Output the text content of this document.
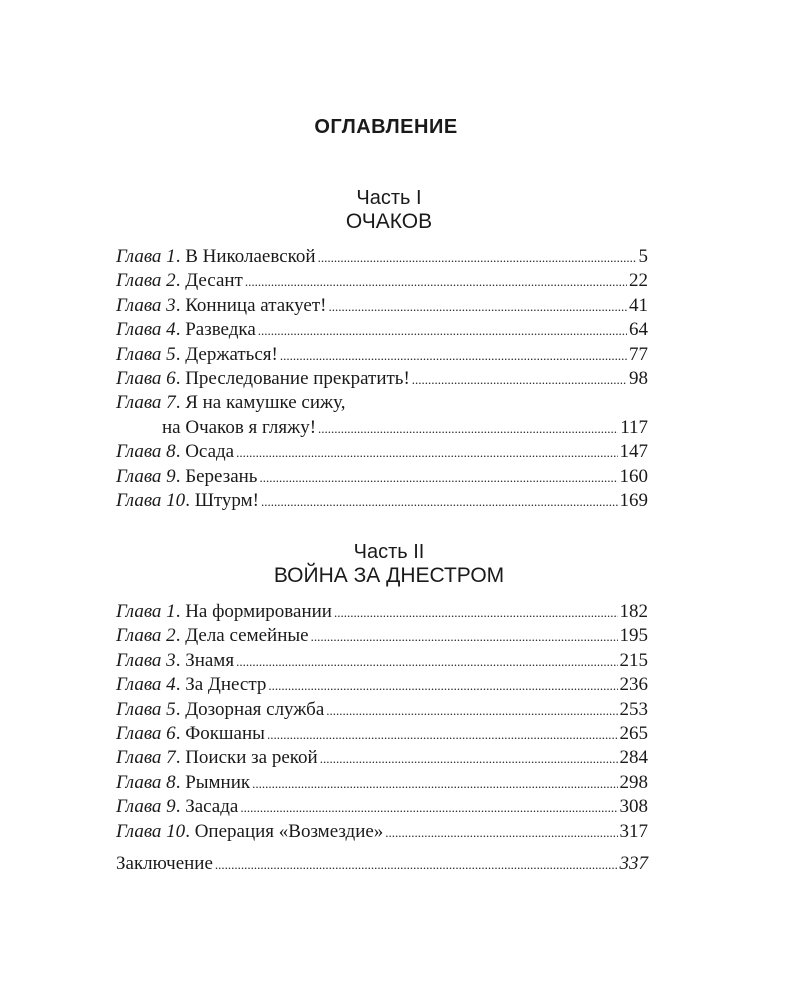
ОГЛАВЛЕНИЕ
Часть I
ОЧАКОВ
Глава 1 . В Николаевской .....	5
Глава 2 . Десант .....	22
Глава 3 . Конница атакует! .....	41
Глава 4 . Разведка .....	64
Глава 5 . Держаться! .....	77
Глава 6 . Преследование прекратить! .....	98
Глава 7. Я на камушке сижу,
на Очаков я гляжу! .....	117
Глава 8 . Осада .....	147
Глава 9 . Березань .....	160
Глава 10 . Штурм! .....	169
Часть II
ВОЙНА ЗА ДНЕСТРОМ
Глава 1 . На формировании .....	182
Глава 2 . Дела семейные .....	195
Глава 3 . Знамя .....	215
Глава 4 . За Днестр .....	236
Глава 5 . Дозорная служба .....	253
Глава 6 . Фокшаны .....	265
Глава 7 . Поиски за рекой .....	284
Глава 8 . Рымник .....	298
Глава 9 . Засада .....	308
Глава 10 . Операция «Возмездие» .....	317
Заключение .....	337
